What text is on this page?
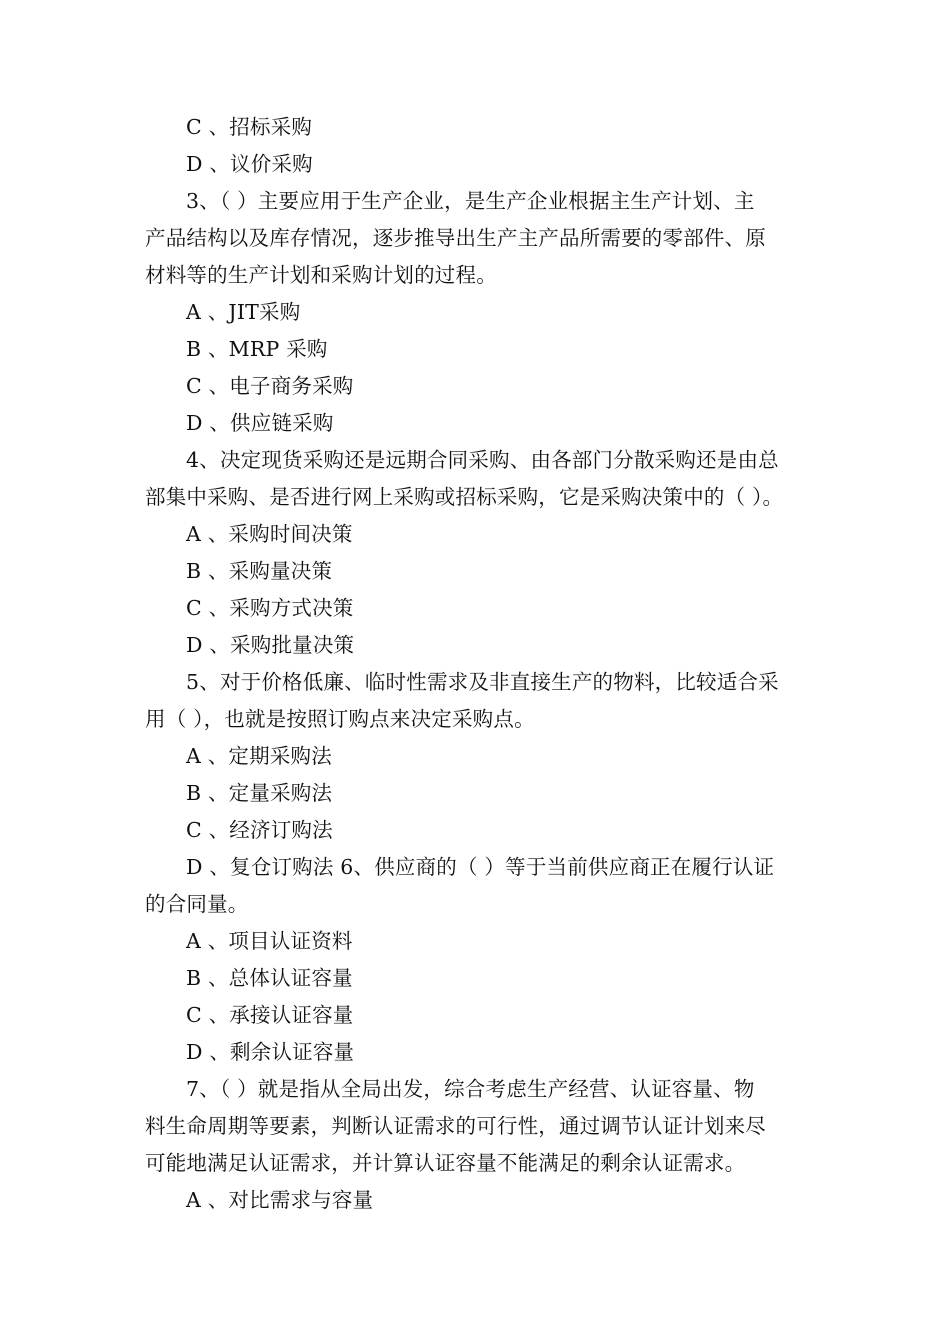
C 、招标采购
D 、议价采购
3、（ ）主要应用于生产企业，是生产企业根据主生产计划、主
产品结构以及库存情况，逐步推导出生产主产品所需要的零部件、原
材料等的生产计划和采购计划的过程。
A 、JIT采购
B 、MRP 采购
C 、电子商务采购
D 、供应链采购
4、决定现货采购还是远期合同采购、由各部门分散采购还是由总
部集中采购、是否进行网上采购或招标采购，它是采购决策中的（ ）。
A 、采购时间决策
B 、采购量决策
C 、采购方式决策
D 、采购批量决策
5、对于价格低廉、临时性需求及非直接生产的物料，比较适合采
用（ ），也就是按照订购点来决定采购点。
A 、定期采购法
B 、定量采购法
C 、经济订购法
D 、复仓订购法 6、供应商的（ ）等于当前供应商正在履行认证
的合同量。
A 、项目认证资料
B 、总体认证容量
C 、承接认证容量
D 、剩余认证容量
7、（ ）就是指从全局出发，综合考虑生产经营、认证容量、物
料生命周期等要素，判断认证需求的可行性，通过调节认证计划来尽
可能地满足认证需求，并计算认证容量不能满足的剩余认证需求。
A 、对比需求与容量
